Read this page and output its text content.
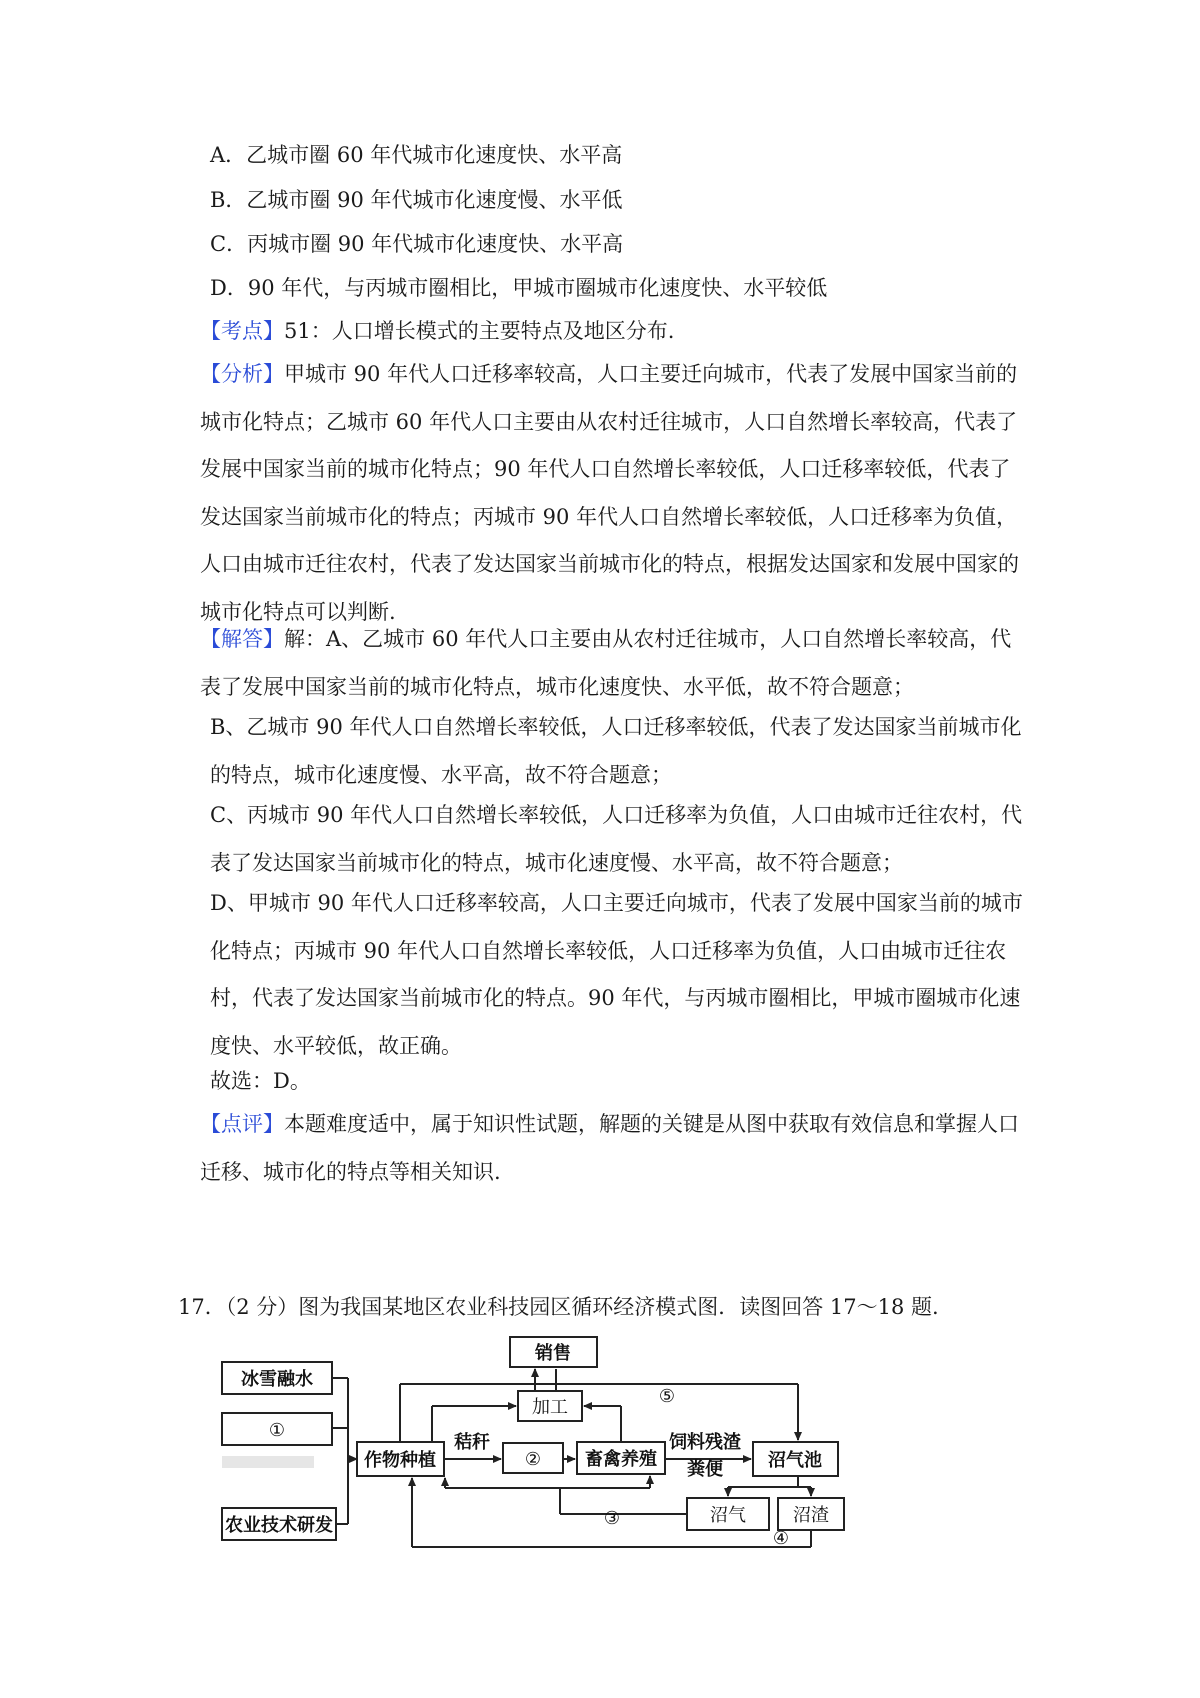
A．乙城市圈 60 年代城市化速度快、水平高
B．乙城市圈 90 年代城市化速度慢、水平低
C．丙城市圈 90 年代城市化速度快、水平高
D．90 年代，与丙城市圈相比，甲城市圈城市化速度快、水平较低
【考点】51：人口增长模式的主要特点及地区分布.
【分析】甲城市 90 年代人口迁移率较高，人口主要迁向城市，代表了发展中国家当前的城市化特点；乙城市 60 年代人口主要由从农村迁往城市，人口自然增长率较高，代表了发展中国家当前的城市化特点；90 年代人口自然增长率较低，人口迁移率较低，代表了发达国家当前城市化的特点；丙城市 90 年代人口自然增长率较低，人口迁移率为负值，人口由城市迁往农村，代表了发达国家当前城市化的特点，根据发达国家和发展中国家的城市化特点可以判断.
【解答】解：A、乙城市 60 年代人口主要由从农村迁往城市，人口自然增长率较高，代表了发展中国家当前的城市化特点，城市化速度快、水平低，故不符合题意；
B、乙城市 90 年代人口自然增长率较低，人口迁移率较低，代表了发达国家当前城市化的特点，城市化速度慢、水平高，故不符合题意；
C、丙城市 90 年代人口自然增长率较低，人口迁移率为负值，人口由城市迁往农村，代表了发达国家当前城市化的特点，城市化速度慢、水平高，故不符合题意；
D、甲城市 90 年代人口迁移率较高，人口主要迁向城市，代表了发展中国家当前的城市化特点；丙城市 90 年代人口自然增长率较低，人口迁移率为负值，人口由城市迁往农村，代表了发达国家当前城市化的特点。90 年代，与丙城市圈相比，甲城市圈城市化速度快、水平较低，故正确。
故选：D。
【点评】本题难度适中，属于知识性试题，解题的关键是从图中获取有效信息和掌握人口迁移、城市化的特点等相关知识.
17．（2 分）图为我国某地区农业科技园区循环经济模式图．读图回答 17～18 题.
冰雪融水
①
农业技术研发
作物种植	② 畜禽养殖
加工
销售
沼气池
沼气	沼渣
秸秆	饲料残渣
粪便
③
④
⑤
